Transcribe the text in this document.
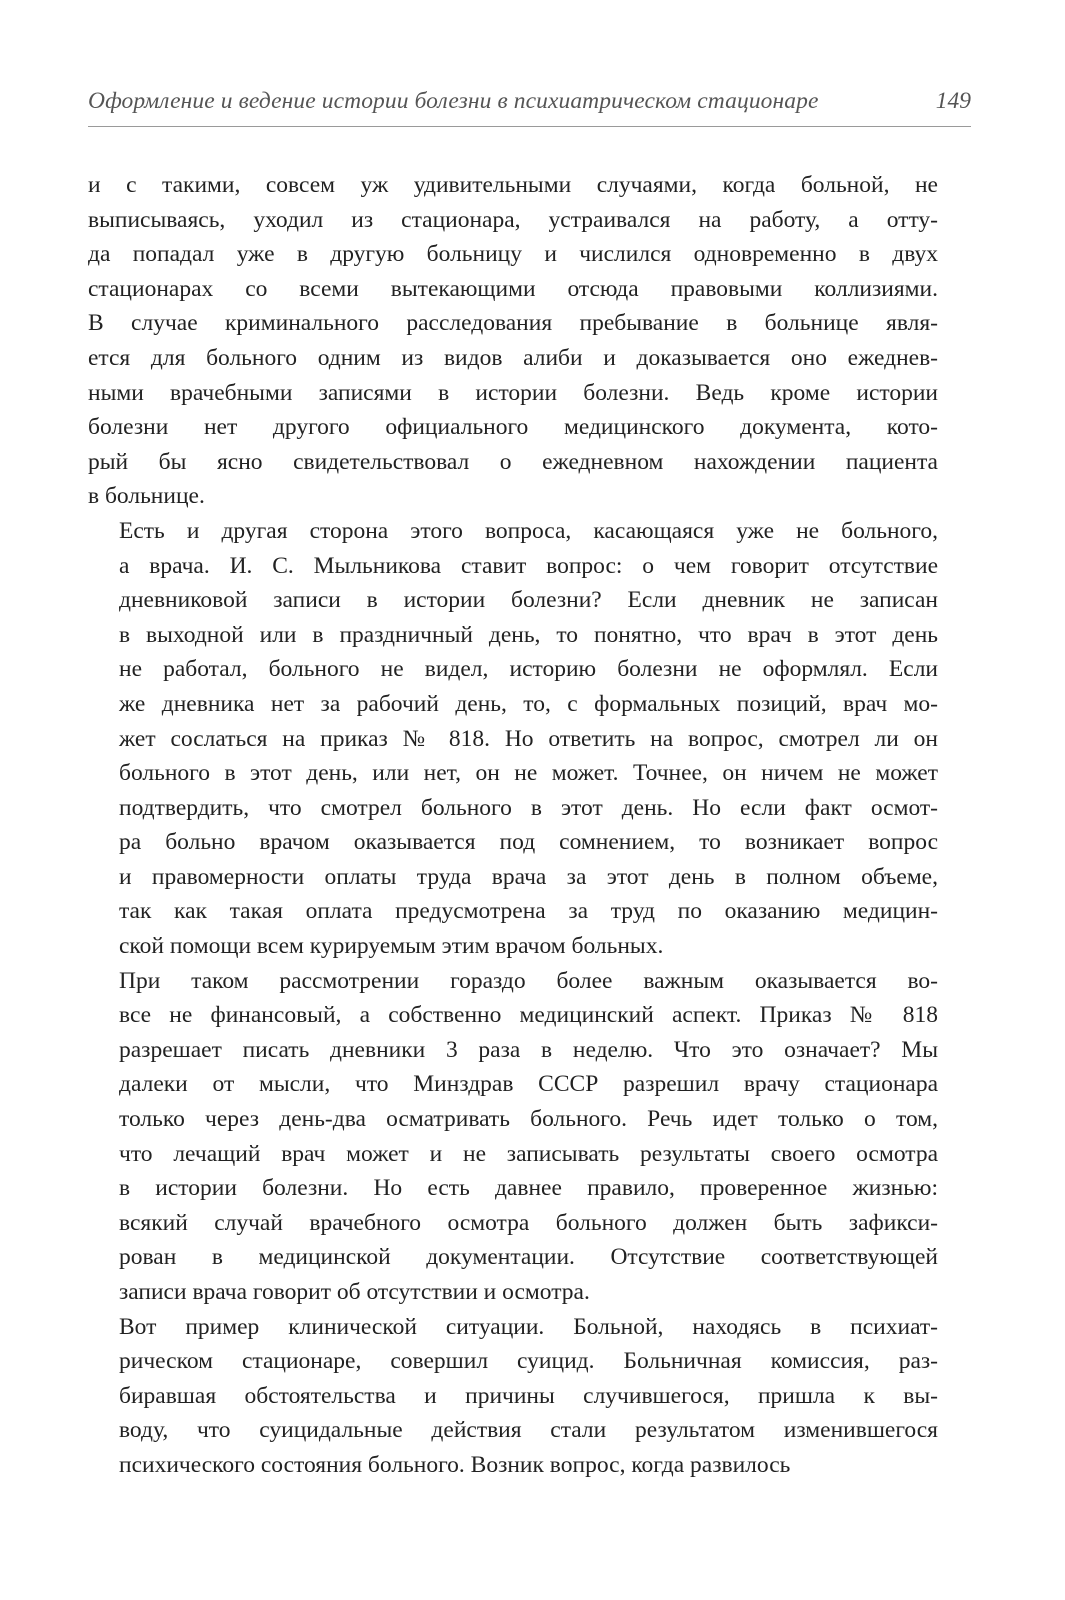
Оформление и ведение истории болезни в психиатрическом стационаре	149

и с такими, совсем уж удивительными случаями, когда больной, не
выписываясь, уходил из стационара, устраивался на работу, а отту-
да попадал уже в другую больницу и числился одновременно в двух
стационарах со всеми вытекающими отсюда правовыми коллизиями.
В случае криминального расследования пребывание в больнице явля-
ется для больного одним из видов алиби и доказывается оно ежеднев-
ными врачебными записями в истории болезни. Ведь кроме истории
болезни нет другого официального медицинского документа, кото-
рый бы ясно свидетельствовал о ежедневном нахождении пациента
в больнице.

Есть и другая сторона этого вопроса, касающаяся уже не больного,
а врача. И. С. Мыльникова ставит вопрос: о чем говорит отсутствие
дневниковой записи в истории болезни? Если дневник не записан
в выходной или в праздничный день, то понятно, что врач в этот день
не работал, больного не видел, историю болезни не оформлял. Если
же дневника нет за рабочий день, то, с формальных позиций, врач мо-
жет сослаться на приказ № 818. Но ответить на вопрос, смотрел ли он
больного в этот день, или нет, он не может. Точнее, он ничем не может
подтвердить, что смотрел больного в этот день. Но если факт осмот-
ра больно врачом оказывается под сомнением, то возникает вопрос
и правомерности оплаты труда врача за этот день в полном объеме,
так как такая оплата предусмотрена за труд по оказанию медицин-
ской помощи всем курируемым этим врачом больных.

При таком рассмотрении гораздо более важным оказывается во-
все не финансовый, а собственно медицинский аспект. Приказ № 818
разрешает писать дневники 3 раза в неделю. Что это означает? Мы
далеки от мысли, что Минздрав СССР разрешил врачу стационара
только через день-два осматривать больного. Речь идет только о том,
что лечащий врач может и не записывать результаты своего осмотра
в истории болезни. Но есть давнее правило, проверенное жизнью:
всякий случай врачебного осмотра больного должен быть зафикси-
рован в медицинской документации. Отсутствие соответствующей
записи врача говорит об отсутствии и осмотра.

Вот пример клинической ситуации. Больной, находясь в психиат-
рическом стационаре, совершил суицид. Больничная комиссия, раз-
биравшая обстоятельства и причины случившегося, пришла к вы-
воду, что суицидальные действия стали результатом изменившегося
психического состояния больного. Возник вопрос, когда развилось
